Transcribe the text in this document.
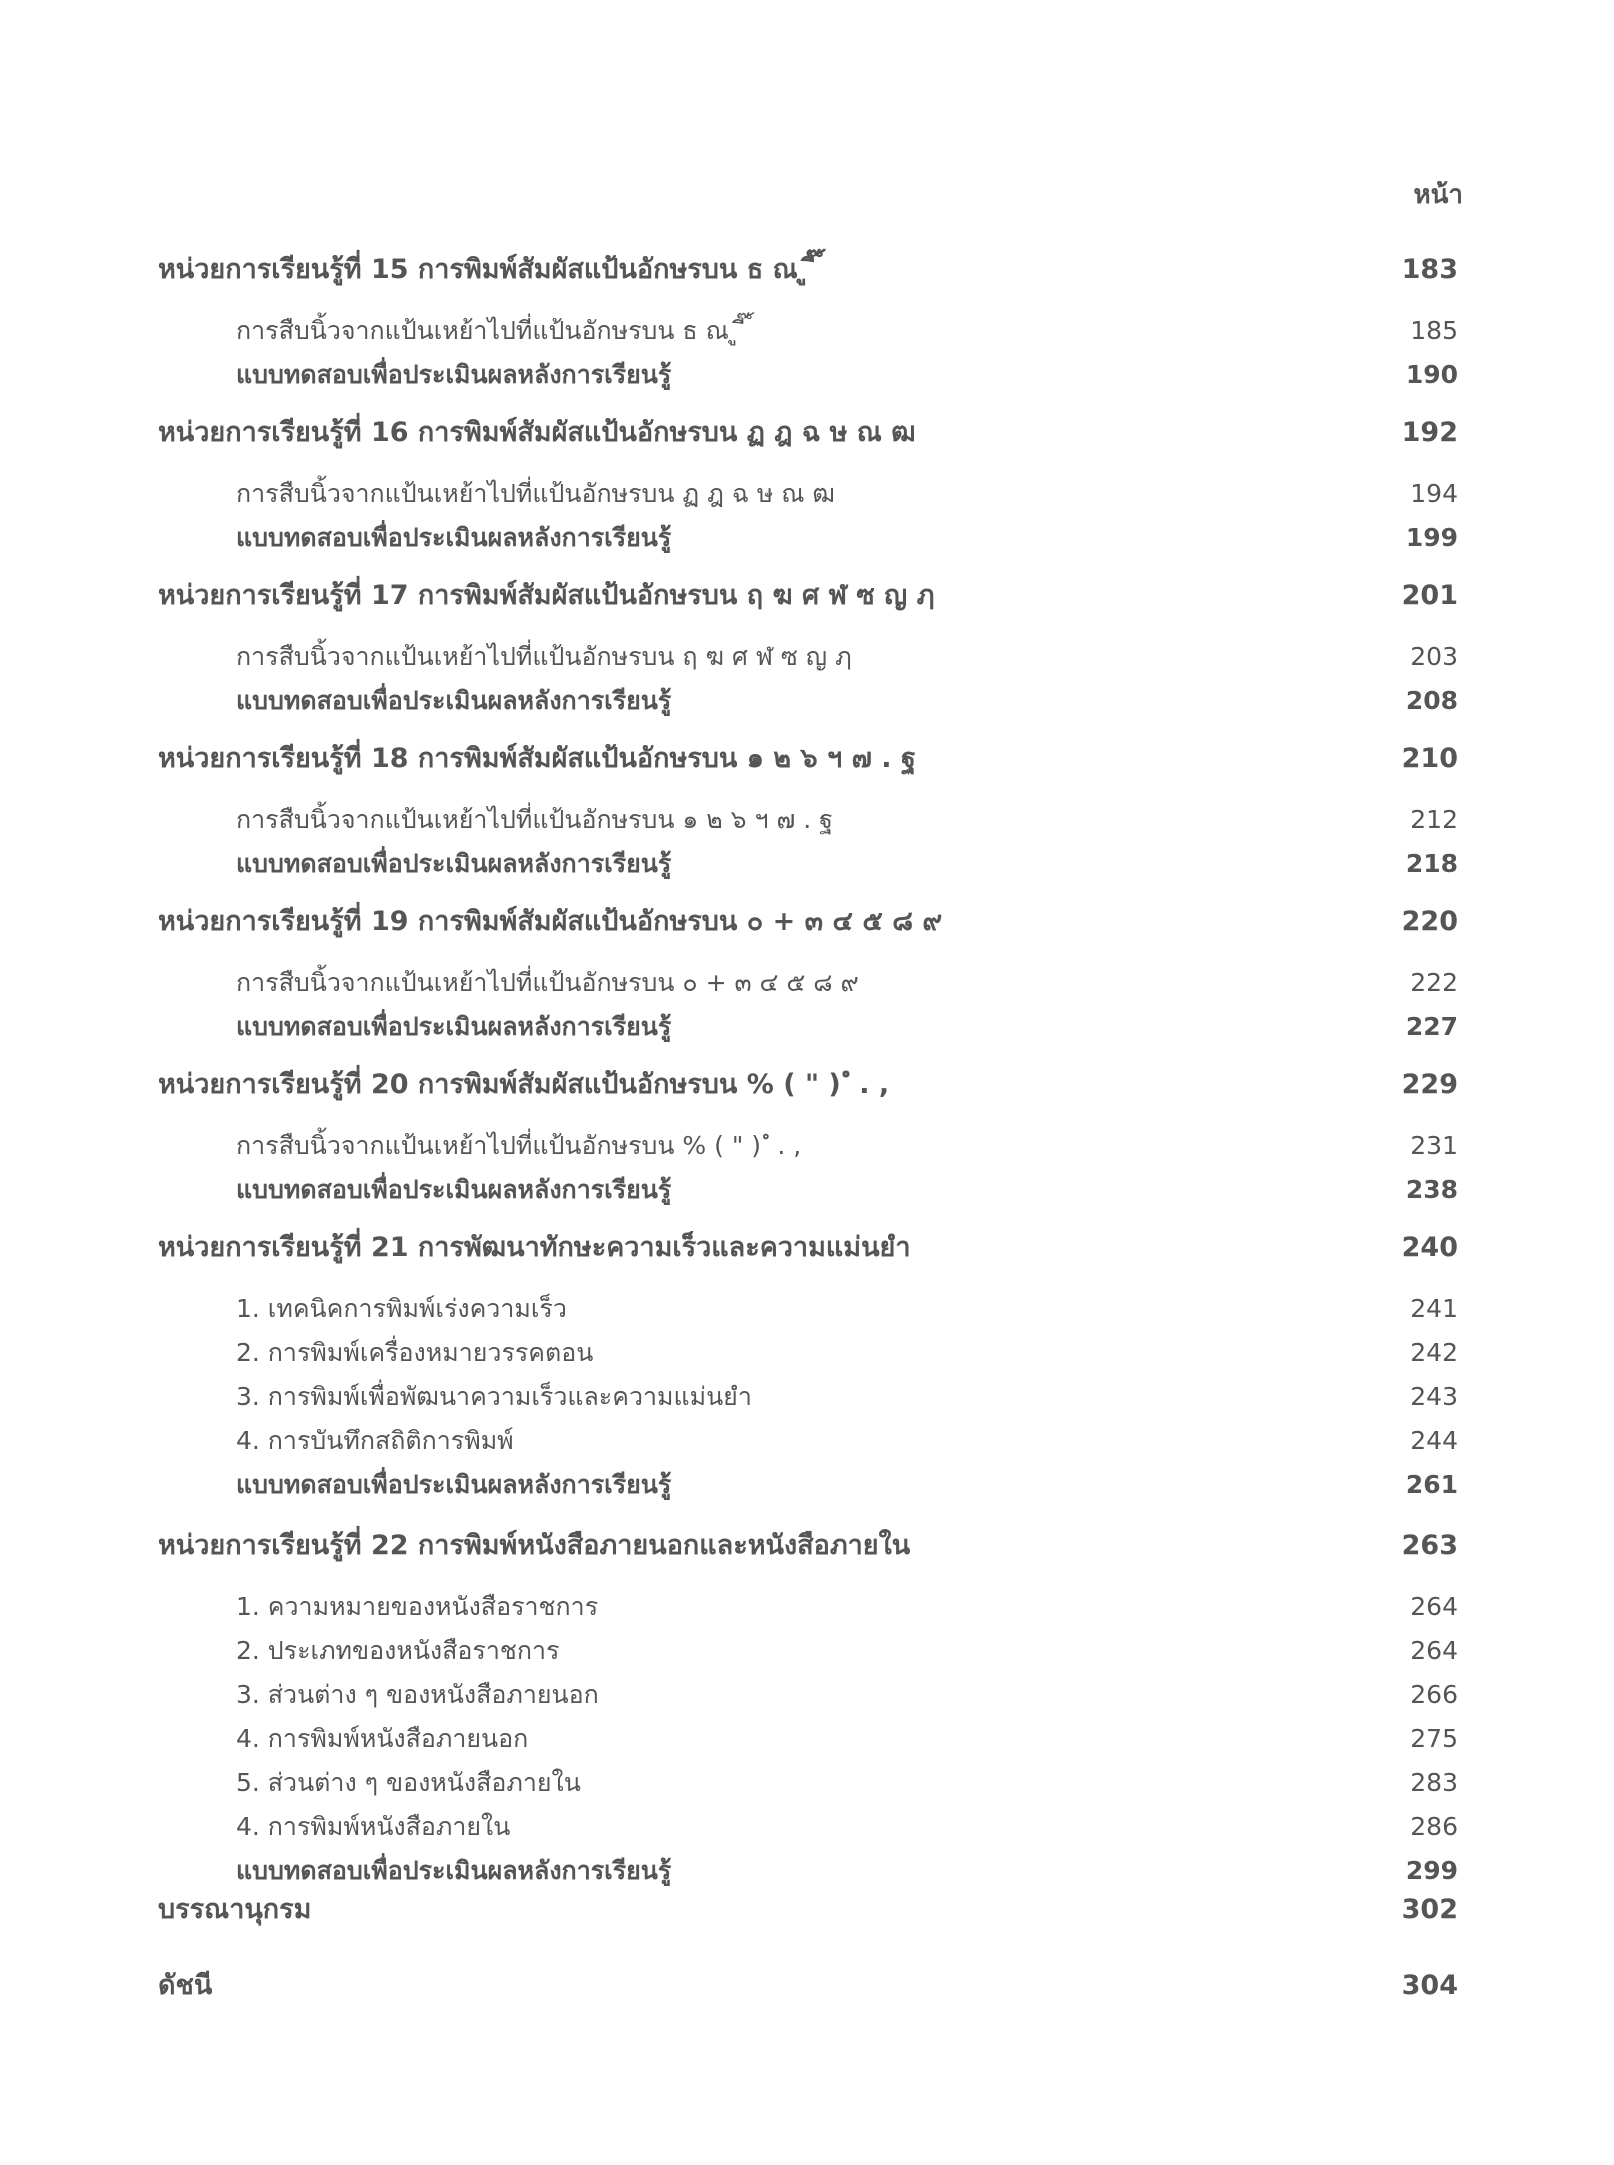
หน้า
หน่วยการเรียนรู้ที่ 15 การพิมพ์สัมผัสแป้นอักษรบน ธ ณ ู ี๊ ์	183
การสืบนิ้วจากแป้นเหย้าไปที่แป้นอักษรบน ธ ณ ู ี๊ ์	185
แบบทดสอบเพื่อประเมินผลหลังการเรียนรู้	190
หน่วยการเรียนรู้ที่ 16 การพิมพ์สัมผัสแป้นอักษรบน ฏ ฎ ฉ ษ ณ ฒ	192
การสืบนิ้วจากแป้นเหย้าไปที่แป้นอักษรบน ฏ ฎ ฉ ษ ณ ฒ	194
แบบทดสอบเพื่อประเมินผลหลังการเรียนรู้	199
หน่วยการเรียนรู้ที่ 17 การพิมพ์สัมผัสแป้นอักษรบน ฤ ฆ ศ ฬ ซ ญ ฦ	201
การสืบนิ้วจากแป้นเหย้าไปที่แป้นอักษรบน ฤ ฆ ศ ฬ ซ ญ ฦ	203
แบบทดสอบเพื่อประเมินผลหลังการเรียนรู้	208
หน่วยการเรียนรู้ที่ 18 การพิมพ์สัมผัสแป้นอักษรบน ๑ ๒ ๖ ฯ ๗ . ฐ	210
การสืบนิ้วจากแป้นเหย้าไปที่แป้นอักษรบน ๑ ๒ ๖ ฯ ๗ . ฐ	212
แบบทดสอบเพื่อประเมินผลหลังการเรียนรู้	218
หน่วยการเรียนรู้ที่ 19 การพิมพ์สัมผัสแป้นอักษรบน ๐ + ๓ ๔ ๕ ๘ ๙	220
การสืบนิ้วจากแป้นเหย้าไปที่แป้นอักษรบน ๐ + ๓ ๔ ๕ ๘ ๙	222
แบบทดสอบเพื่อประเมินผลหลังการเรียนรู้	227
หน่วยการเรียนรู้ที่ 20 การพิมพ์สัมผัสแป้นอักษรบน % ( " ) ํ . ,	229
การสืบนิ้วจากแป้นเหย้าไปที่แป้นอักษรบน % ( " ) ํ . ,	231
แบบทดสอบเพื่อประเมินผลหลังการเรียนรู้	238
หน่วยการเรียนรู้ที่ 21 การพัฒนาทักษะความเร็วและความแม่นยำ	240
1. เทคนิคการพิมพ์เร่งความเร็ว	241
2. การพิมพ์เครื่องหมายวรรคตอน	242
3. การพิมพ์เพื่อพัฒนาความเร็วและความแม่นยำ	243
4. การบันทึกสถิติการพิมพ์	244
แบบทดสอบเพื่อประเมินผลหลังการเรียนรู้	261
หน่วยการเรียนรู้ที่ 22 การพิมพ์หนังสือภายนอกและหนังสือภายใน	263
1. ความหมายของหนังสือราชการ	264
2. ประเภทของหนังสือราชการ	264
3. ส่วนต่าง ๆ ของหนังสือภายนอก	266
4. การพิมพ์หนังสือภายนอก	275
5. ส่วนต่าง ๆ ของหนังสือภายใน	283
4. การพิมพ์หนังสือภายใน	286
แบบทดสอบเพื่อประเมินผลหลังการเรียนรู้	299
บรรณานุกรม	302
ดัชนี	304
